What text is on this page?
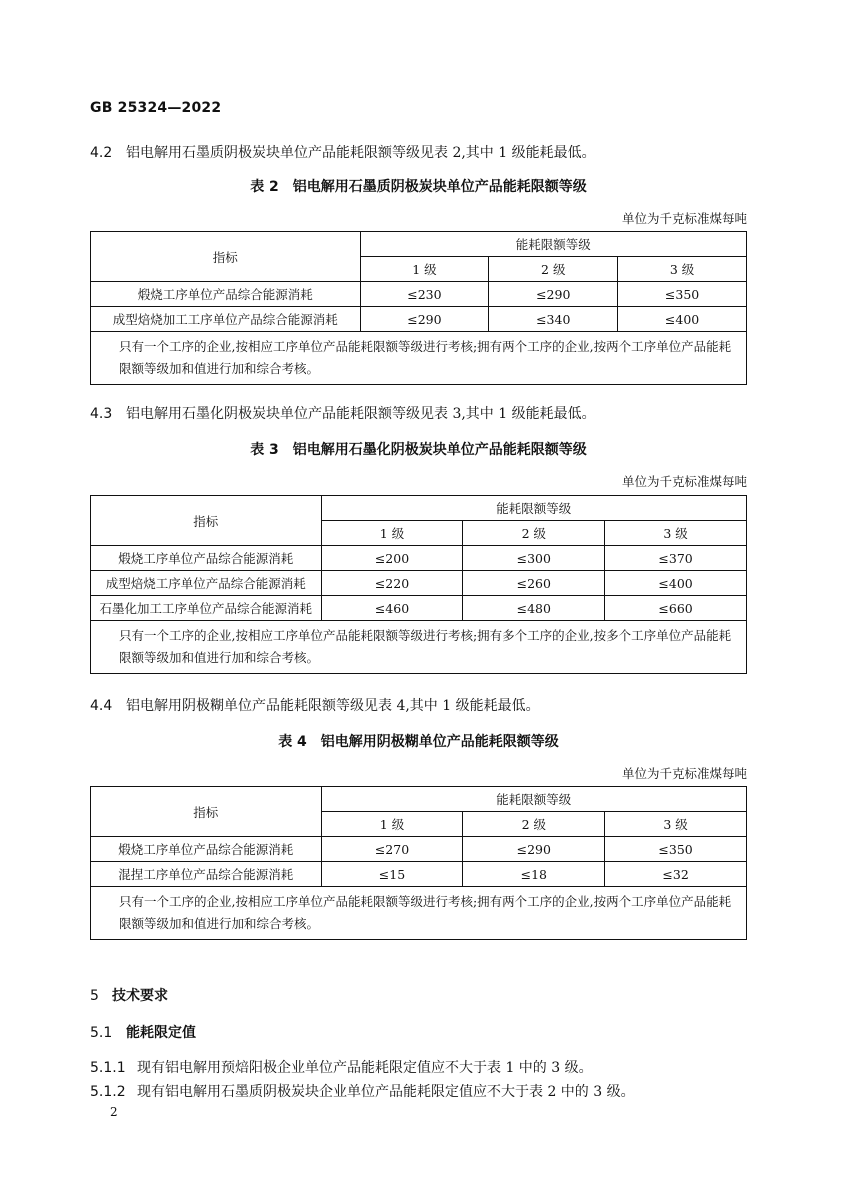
GB 25324—2022
4.2 铝电解用石墨质阴极炭块单位产品能耗限额等级见表 2,其中 1 级能耗最低。
表 2　铝电解用石墨质阴极炭块单位产品能耗限额等级
单位为千克标准煤每吨
指标	能耗限额等级		
	1 级	2 级	3 级
煅烧工序单位产品综合能源消耗	≤230	≤290	≤350
成型焙烧加工工序单位产品综合能源消耗	≤290	≤340	≤400
只有一个工序的企业,按相应工序单位产品能耗限额等级进行考核;拥有两个工序的企业,按两个工序单位产品能耗限额等级加和值进行加和综合考核。			
4.3 铝电解用石墨化阴极炭块单位产品能耗限额等级见表 3,其中 1 级能耗最低。
表 3　铝电解用石墨化阴极炭块单位产品能耗限额等级
单位为千克标准煤每吨
指标	能耗限额等级		
	1 级	2 级	3 级
煅烧工序单位产品综合能源消耗	≤200	≤300	≤370
成型焙烧工序单位产品综合能源消耗	≤220	≤260	≤400
石墨化加工工序单位产品综合能源消耗	≤460	≤480	≤660
只有一个工序的企业,按相应工序单位产品能耗限额等级进行考核;拥有多个工序的企业,按多个工序单位产品能耗限额等级加和值进行加和综合考核。			
4.4 铝电解用阴极糊单位产品能耗限额等级见表 4,其中 1 级能耗最低。
表 4　铝电解用阴极糊单位产品能耗限额等级
单位为千克标准煤每吨
指标	能耗限额等级		
	1 级	2 级	3 级
煅烧工序单位产品综合能源消耗	≤270	≤290	≤350
混捏工序单位产品综合能源消耗	≤15	≤18	≤32
只有一个工序的企业,按相应工序单位产品能耗限额等级进行考核;拥有两个工序的企业,按两个工序单位产品能耗限额等级加和值进行加和综合考核。			
5 技术要求
5.1 能耗限定值
5.1.1 现有铝电解用预焙阳极企业单位产品能耗限定值应不大于表 1 中的 3 级。
5.1.2 现有铝电解用石墨质阴极炭块企业单位产品能耗限定值应不大于表 2 中的 3 级。
2
